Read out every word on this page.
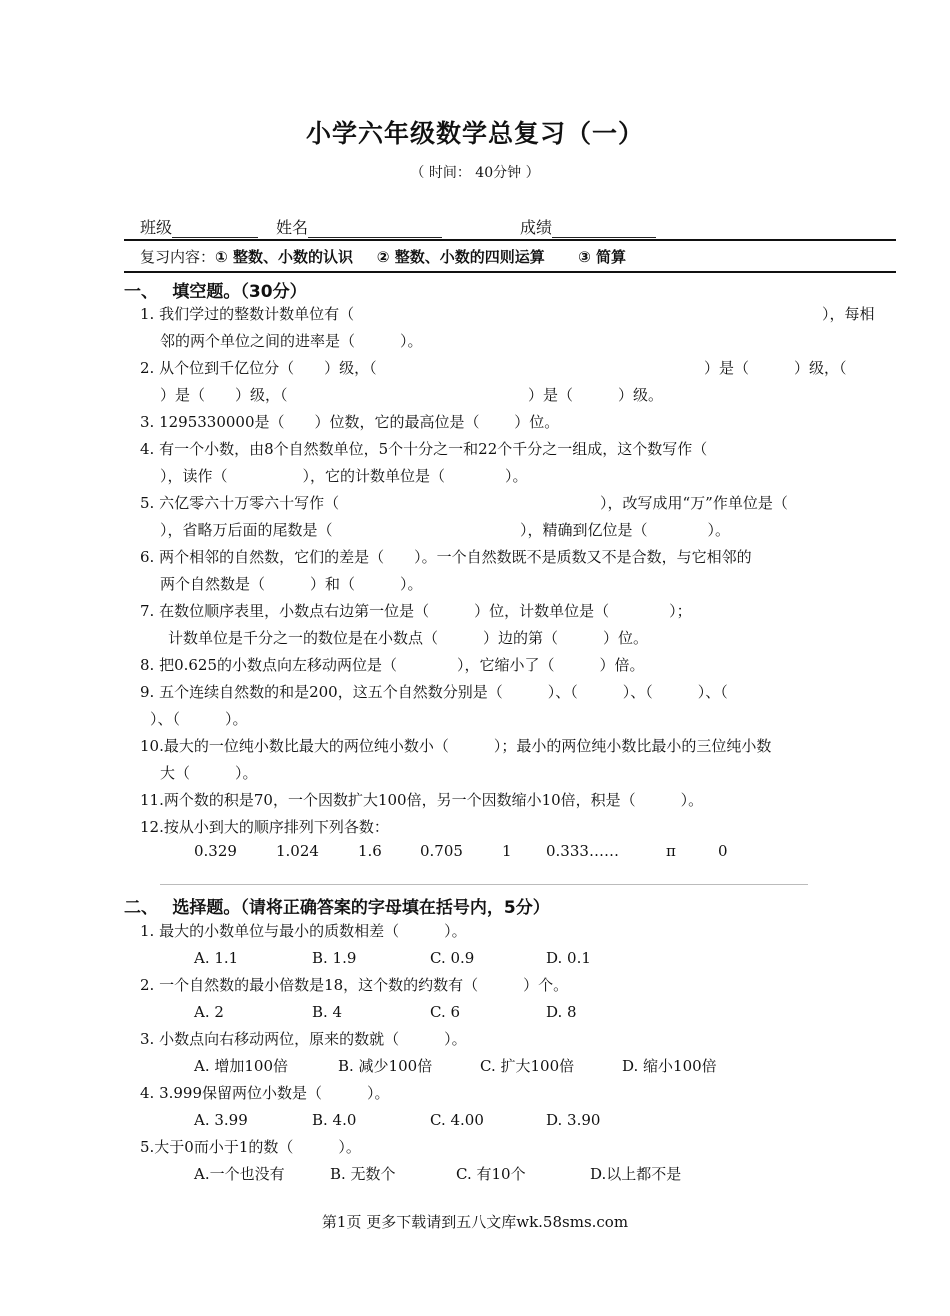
小学六年级数学总复习（一）
（ 时间： 40分钟 ）
班级	姓名	成绩
复习内容：① 整数、小数的认识 ② 整数、小数的四则运算 ③ 简算
一、　 填空题。（30分）
1. 我们学过的整数计数单位有（	），每相
邻的两个单位之间的进率是（　　　）。
2. 从个位到千亿位分（　　）级，（	）是（　　　）级，（
）是（　　）级，（	）是（　　　）级。
3. 1295330000是（　　）位数，它的最高位是（　　 ）位。
4. 有一个小数，由8个自然数单位，5个十分之一和22个千分之一组成，这个数写作（
），读作（　　　　　），它的计数单位是（　　　　）。
5. 六亿零六十万零六十写作（	），改写成用“万”作单位是（
），省略万后面的尾数是（	），精确到亿位是（　　　　）。
6. 两个相邻的自然数，它们的差是（　　）。一个自然数既不是质数又不是合数，与它相邻的
两个自然数是（　　　）和（　　　）。
7. 在数位顺序表里，小数点右边第一位是（　　　）位，计数单位是（　　　　）；
计数单位是千分之一的数位是在小数点（　　　）边的第（　　　）位。
8. 把0.625的小数点向左移动两位是（　　　　），它缩小了（　　　）倍。
9. 五个连续自然数的和是200，这五个自然数分别是（　　　）、（　　　）、（　　　）、（
）、（　　　）。
10.最大的一位纯小数比最大的两位纯小数小（　　　）；最小的两位纯小数比最小的三位纯小数
大（　　　）。
11.两个数的积是70，一个因数扩大100倍，另一个因数缩小10倍，积是（　　　）。
12.按从小到大的顺序排列下列各数：
0.329	1.024	1.6	0.705	1 0.333……	π	0
二、　 选择题。（请将正确答案的字母填在括号内，5分）
1. 最大的小数单位与最小的质数相差（　　　）。
A. 1.1	B. 1.9	C. 0.9	D. 0.1
2. 一个自然数的最小倍数是18，这个数的约数有（　　　）个。
A. 2	B. 4	C. 6	D. 8
3. 小数点向右移动两位，原来的数就（　　　）。
A. 增加100倍	B. 减少100倍	C. 扩大100倍	D. 缩小100倍
4. 3.999保留两位小数是（　　　）。
A. 3.99	B. 4.0	C. 4.00	D. 3.90
5.大于0而小于1的数（　　　）。
A.一个也没有	B. 无数个	C. 有10个	D.以上都不是
第1页 更多下载请到五八文库wk.58sms.com
